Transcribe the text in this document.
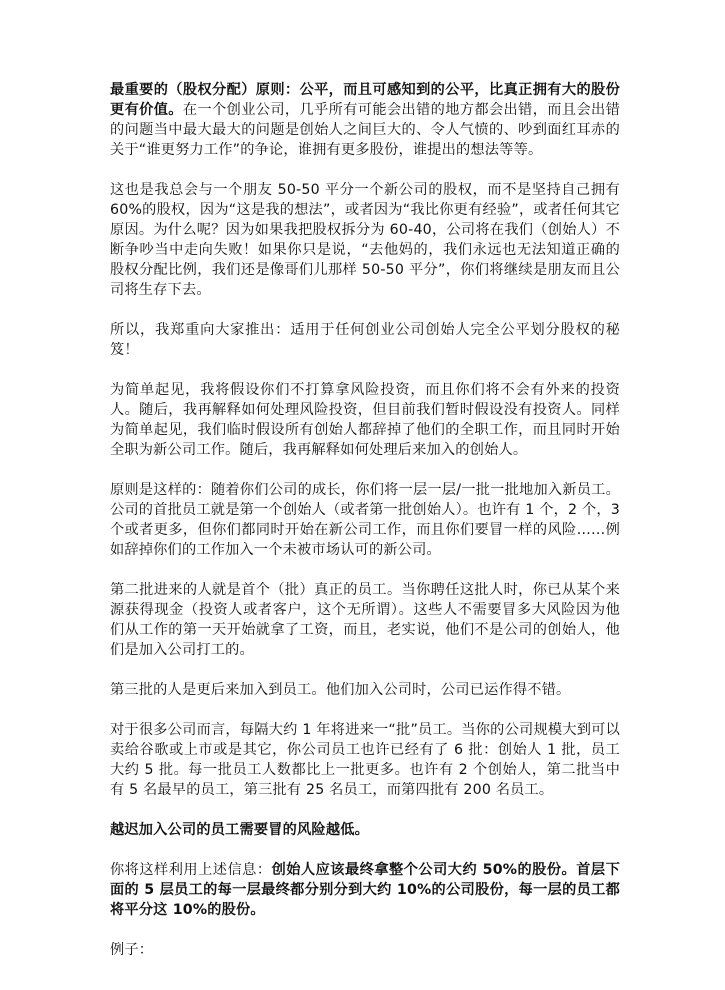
最重要的（股权分配）原则：公平，而且可感知到的公平，比真正拥有大的股份更有价值。在一个创业公司，几乎所有可能会出错的地方都会出错，而且会出错的问题当中最大最大的问题是创始人之间巨大的、令人气愤的、吵到面红耳赤的关于“谁更努力工作”的争论，谁拥有更多股份，谁提出的想法等等。

这也是我总会与一个朋友 50-50 平分一个新公司的股权，而不是坚持自己拥有 60%的股权，因为“这是我的想法”，或者因为“我比你更有经验”，或者任何其它原因。为什么呢？因为如果我把股权拆分为 60-40，公司将在我们（创始人）不断争吵当中走向失败！如果你只是说，“去他妈的，我们永远也无法知道正确的股权分配比例，我们还是像哥们儿那样 50-50 平分”，你们将继续是朋友而且公司将生存下去。

所以，我郑重向大家推出：适用于任何创业公司创始人完全公平划分股权的秘笈！

为简单起见，我将假设你们不打算拿风险投资，而且你们将不会有外来的投资人。随后，我再解释如何处理风险投资，但目前我们暂时假设没有投资人。同样为简单起见，我们临时假设所有创始人都辞掉了他们的全职工作，而且同时开始全职为新公司工作。随后，我再解释如何处理后来加入的创始人。

原则是这样的：随着你们公司的成长，你们将一层一层/一批一批地加入新员工。公司的首批员工就是第一个创始人（或者第一批创始人）。也许有 1 个，2 个，3 个或者更多，但你们都同时开始在新公司工作，而且你们要冒一样的风险……例如辞掉你们的工作加入一个未被市场认可的新公司。

第二批进来的人就是首个（批）真正的员工。当你聘任这批人时，你已从某个来源获得现金（投资人或者客户，这个无所谓）。这些人不需要冒多大风险因为他们从工作的第一天开始就拿了工资，而且，老实说，他们不是公司的创始人，他们是加入公司打工的。

第三批的人是更后来加入到员工。他们加入公司时，公司已运作得不错。

对于很多公司而言，每隔大约 1 年将进来一“批”员工。当你的公司规模大到可以卖给谷歌或上市或是其它，你公司员工也许已经有了 6 批：创始人 1 批，员工大约 5 批。每一批员工人数都比上一批更多。也许有 2 个创始人，第二批当中有 5 名最早的员工，第三批有 25 名员工，而第四批有 200 名员工。

越迟加入公司的员工需要冒的风险越低。

你将这样利用上述信息：创始人应该最终拿整个公司大约 50%的股份。首层下面的 5 层员工的每一层最终都分别分到大约 10%的公司股份，每一层的员工都将平分这 10%的股份。

例子：
